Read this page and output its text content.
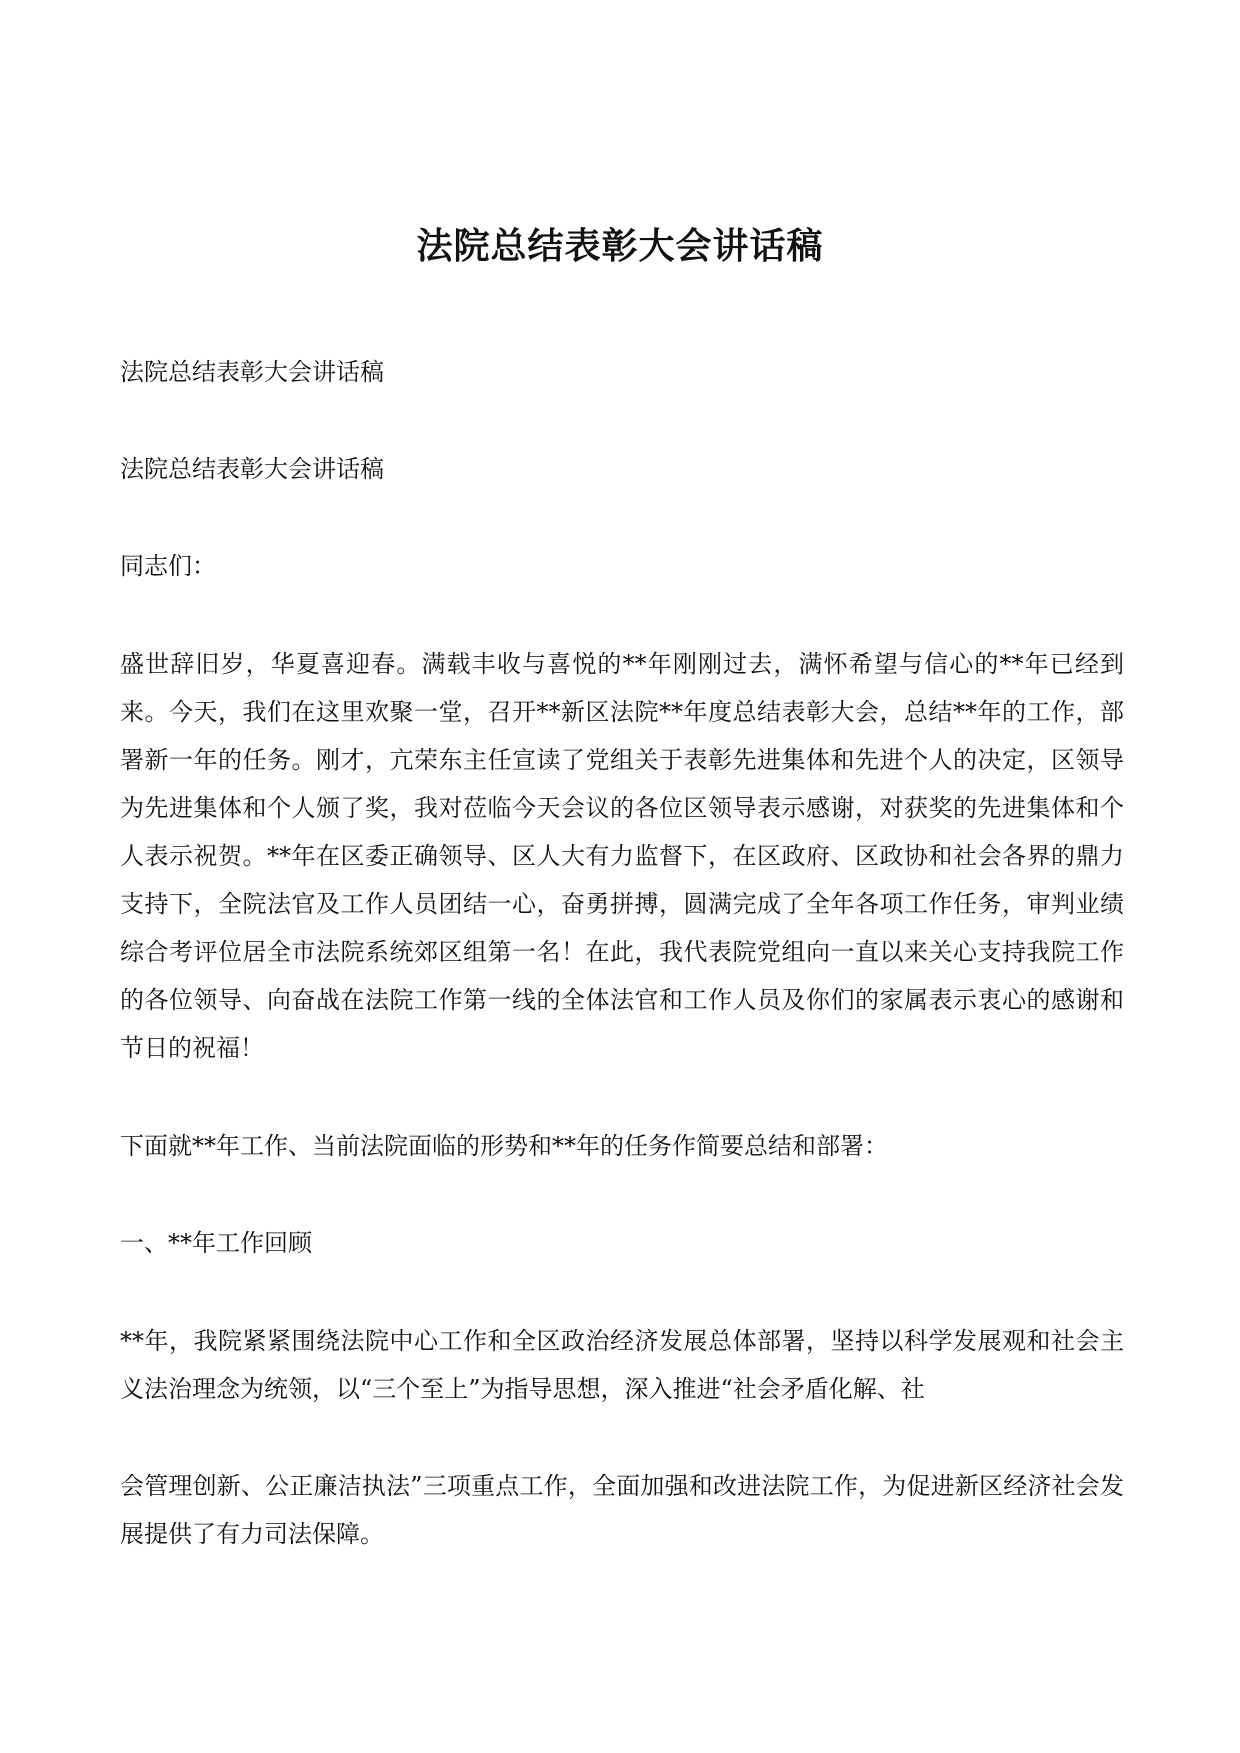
法院总结表彰大会讲话稿

法院总结表彰大会讲话稿

法院总结表彰大会讲话稿

同志们：

盛世辞旧岁，华夏喜迎春。满载丰收与喜悦的**年刚刚过去，满怀希望与信心的**年已经到来。今天，我们在这里欢聚一堂，召开**新区法院**年度总结表彰大会，总结**年的工作，部署新一年的任务。刚才，亢荣东主任宣读了党组关于表彰先进集体和先进个人的决定，区领导为先进集体和个人颁了奖，我对莅临今天会议的各位区领导表示感谢，对获奖的先进集体和个人表示祝贺。**年在区委正确领导、区人大有力监督下，在区政府、区政协和社会各界的鼎力支持下，全院法官及工作人员团结一心，奋勇拼搏，圆满完成了全年各项工作任务，审判业绩综合考评位居全市法院系统郊区组第一名！在此，我代表院党组向一直以来关心支持我院工作的各位领导、向奋战在法院工作第一线的全体法官和工作人员及你们的家属表示衷心的感谢和节日的祝福！

下面就**年工作、当前法院面临的形势和**年的任务作简要总结和部署：

一、**年工作回顾

**年，我院紧紧围绕法院中心工作和全区政治经济发展总体部署，坚持以科学发展观和社会主义法治理念为统领，以“三个至上”为指导思想，深入推进“社会矛盾化解、社

会管理创新、公正廉洁执法”三项重点工作，全面加强和改进法院工作，为促进新区经济社会发展提供了有力司法保障。
